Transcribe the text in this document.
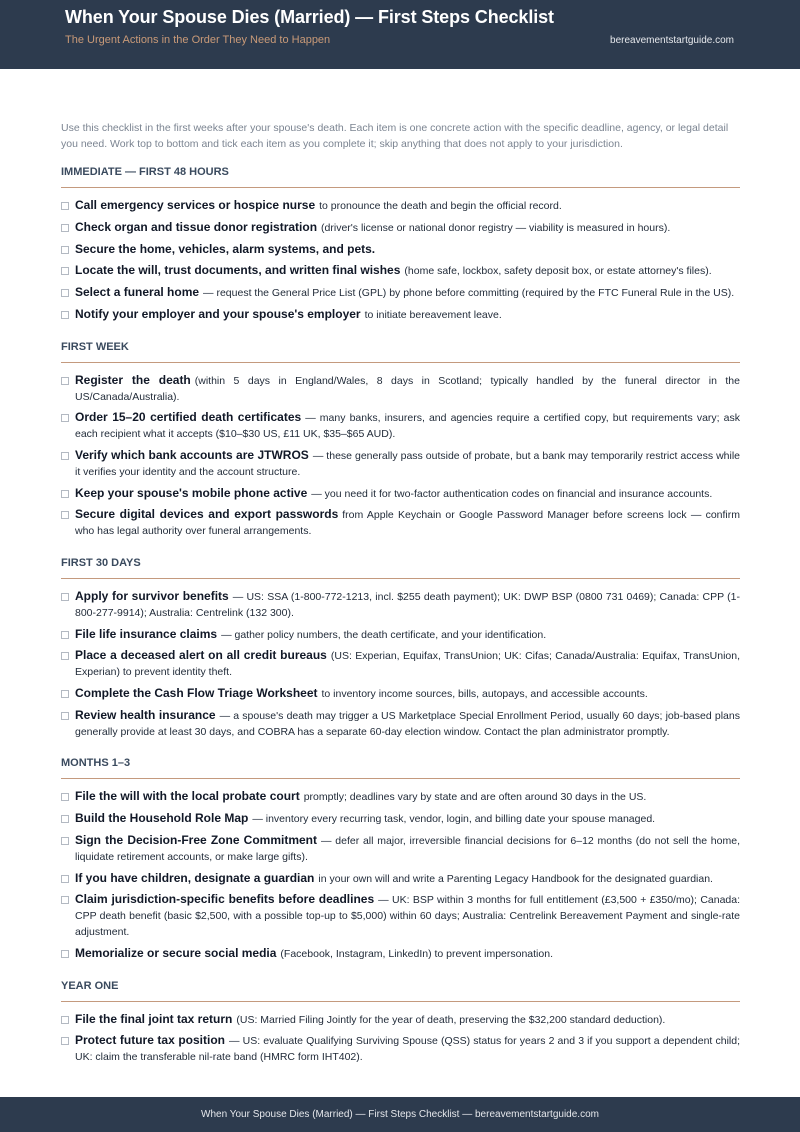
When Your Spouse Dies (Married) — First Steps Checklist
The Urgent Actions in the Order They Need to Happen	bereavementstartguide.com

Use this checklist in the first weeks after your spouse's death. Each item is one concrete action with the specific deadline, agency, or legal detail you need. Work top to bottom and tick each item as you complete it; skip anything that does not apply to your jurisdiction.

IMMEDIATE — FIRST 48 HOURS
Call emergency services or hospice nurse to pronounce the death and begin the official record.
Check organ and tissue donor registration (driver's license or national donor registry — viability is measured in hours).
Secure the home, vehicles, alarm systems, and pets.
Locate the will, trust documents, and written final wishes (home safe, lockbox, safety deposit box, or estate attorney's files).
Select a funeral home — request the General Price List (GPL) by phone before committing (required by the FTC Funeral Rule in the US).
Notify your employer and your spouse's employer to initiate bereavement leave.
FIRST WEEK
Register the death (within 5 days in England/Wales, 8 days in Scotland; typically handled by the funeral director in the US/Canada/Australia).
Order 15–20 certified death certificates — many banks, insurers, and agencies require a certified copy, but requirements vary; ask each recipient what it accepts ($10–$30 US, £11 UK, $35–$65 AUD).
Verify which bank accounts are JTWROS — these generally pass outside of probate, but a bank may temporarily restrict access while it verifies your identity and the account structure.
Keep your spouse's mobile phone active — you need it for two-factor authentication codes on financial and insurance accounts.
Secure digital devices and export passwords from Apple Keychain or Google Password Manager before screens lock — confirm who has legal authority over funeral arrangements.
FIRST 30 DAYS
Apply for survivor benefits — US: SSA (1-800-772-1213, incl. $255 death payment); UK: DWP BSP (0800 731 0469); Canada: CPP (1-800-277-9914); Australia: Centrelink (132 300).
File life insurance claims — gather policy numbers, the death certificate, and your identification.
Place a deceased alert on all credit bureaus (US: Experian, Equifax, TransUnion; UK: Cifas; Canada/Australia: Equifax, TransUnion, Experian) to prevent identity theft.
Complete the Cash Flow Triage Worksheet to inventory income sources, bills, autopays, and accessible accounts.
Review health insurance — a spouse's death may trigger a US Marketplace Special Enrollment Period, usually 60 days; job-based plans generally provide at least 30 days, and COBRA has a separate 60-day election window. Contact the plan administrator promptly.
MONTHS 1–3
File the will with the local probate court promptly; deadlines vary by state and are often around 30 days in the US.
Build the Household Role Map — inventory every recurring task, vendor, login, and billing date your spouse managed.
Sign the Decision-Free Zone Commitment — defer all major, irreversible financial decisions for 6–12 months (do not sell the home, liquidate retirement accounts, or make large gifts).
If you have children, designate a guardian in your own will and write a Parenting Legacy Handbook for the designated guardian.
Claim jurisdiction-specific benefits before deadlines — UK: BSP within 3 months for full entitlement (£3,500 + £350/mo); Canada: CPP death benefit (basic $2,500, with a possible top-up to $5,000) within 60 days; Australia: Centrelink Bereavement Payment and single-rate adjustment.
Memorialize or secure social media (Facebook, Instagram, LinkedIn) to prevent impersonation.
YEAR ONE
File the final joint tax return (US: Married Filing Jointly for the year of death, preserving the $32,200 standard deduction).
Protect future tax position — US: evaluate Qualifying Surviving Spouse (QSS) status for years 2 and 3 if you support a dependent child; UK: claim the transferable nil-rate band (HMRC form IHT402).
When Your Spouse Dies (Married) — First Steps Checklist — bereavementstartguide.com
